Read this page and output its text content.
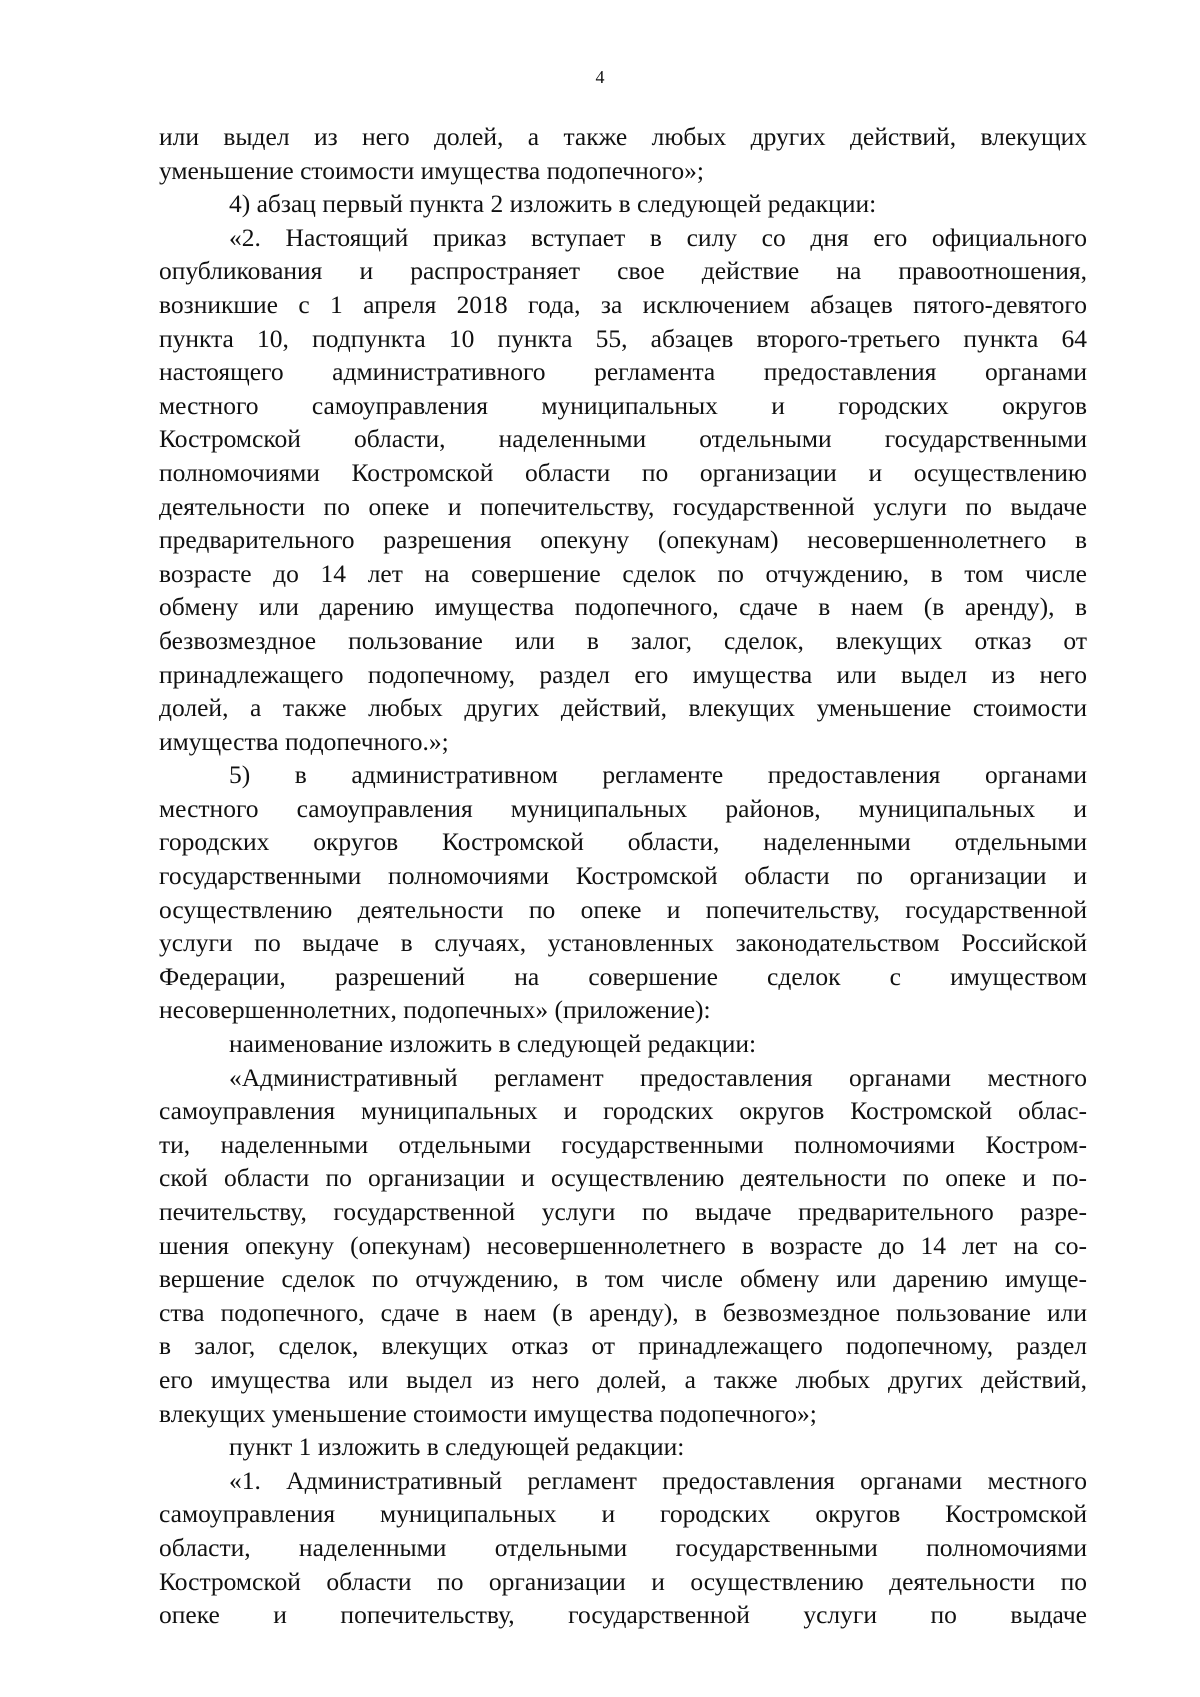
4
или выдел из него долей, а также любых других действий, влекущих
уменьшение стоимости имущества подопечного»;
4) абзац первый пункта 2 изложить в следующей редакции:
«2. Настоящий приказ вступает в силу со дня его официального
опубликования и распространяет свое действие на правоотношения,
возникшие с 1 апреля 2018 года, за исключением абзацев пятого-девятого
пункта 10, подпункта 10 пункта 55, абзацев второго-третьего пункта 64
настоящего административного регламента предоставления органами
местного самоуправления муниципальных и городских округов
Костромской области, наделенными отдельными государственными
полномочиями Костромской области по организации и осуществлению
деятельности по опеке и попечительству, государственной услуги по выдаче
предварительного разрешения опекуну (опекунам) несовершеннолетнего в
возрасте до 14 лет на совершение сделок по отчуждению, в том числе
обмену или дарению имущества подопечного, сдаче в наем (в аренду), в
безвозмездное пользование или в залог, сделок, влекущих отказ от
принадлежащего подопечному, раздел его имущества или выдел из него
долей, а также любых других действий, влекущих уменьшение стоимости
имущества подопечного.»;
5) в административном регламенте предоставления органами
местного самоуправления муниципальных районов, муниципальных и
городских округов Костромской области, наделенными отдельными
государственными полномочиями Костромской области по организации и
осуществлению деятельности по опеке и попечительству, государственной
услуги по выдаче в случаях, установленных законодательством Российской
Федерации, разрешений на совершение сделок с имуществом
несовершеннолетних, подопечных» (приложение):
наименование изложить в следующей редакции:
«Административный регламент предоставления органами местного
самоуправления муниципальных и городских округов Костромской облас-
ти, наделенными отдельными государственными полномочиями Костром-
ской области по организации и осуществлению деятельности по опеке и по-
печительству, государственной услуги по выдаче предварительного разре-
шения опекуну (опекунам) несовершеннолетнего в возрасте до 14 лет на со-
вершение сделок по отчуждению, в том числе обмену или дарению имуще-
ства подопечного, сдаче в наем (в аренду), в безвозмездное пользование или
в залог, сделок, влекущих отказ от принадлежащего подопечному, раздел
его имущества или выдел из него долей, а также любых других действий,
влекущих уменьшение стоимости имущества подопечного»;
пункт 1 изложить в следующей редакции:
«1. Административный регламент предоставления органами местного
самоуправления муниципальных и городских округов Костромской
области, наделенными отдельными государственными полномочиями
Костромской области по организации и осуществлению деятельности по
опеке и попечительству, государственной услуги по выдаче
